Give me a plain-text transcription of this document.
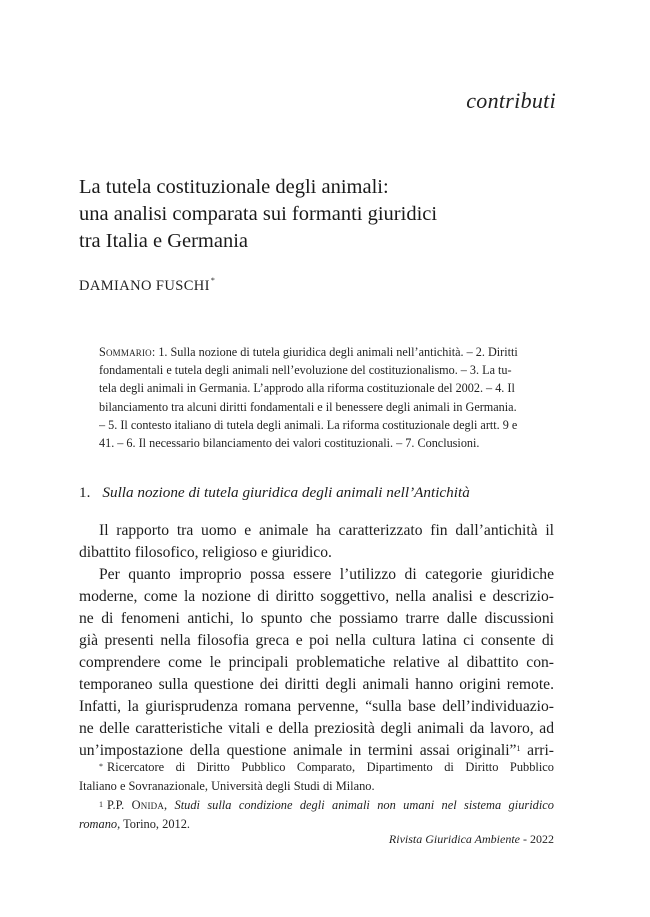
contributi
La tutela costituzionale degli animali:
una analisi comparata sui formanti giuridici
tra Italia e Germania
DAMIANO FUSCHI*
Sommario: 1. Sulla nozione di tutela giuridica degli animali nell’antichità. – 2. Diritti
fondamentali e tutela degli animali nell’evoluzione del costituzionalismo. – 3. La tu-
tela degli animali in Germania. L’approdo alla riforma costituzionale del 2002. – 4. Il
bilanciamento tra alcuni diritti fondamentali e il benessere degli animali in Germania.
– 5. Il contesto italiano di tutela degli animali. La riforma costituzionale degli artt. 9 e
41. – 6. Il necessario bilanciamento dei valori costituzionali. – 7. Conclusioni.
1. Sulla nozione di tutela giuridica degli animali nell’Antichità
Il rapporto tra uomo e animale ha caratterizzato fin dall’antichità il
dibattito filosofico, religioso e giuridico.
Per quanto improprio possa essere l’utilizzo di categorie giuridiche
moderne, come la nozione di diritto soggettivo, nella analisi e descrizio-
ne di fenomeni antichi, lo spunto che possiamo trarre dalle discussioni
già presenti nella filosofia greca e poi nella cultura latina ci consente di
comprendere come le principali problematiche relative al dibattito con-
temporaneo sulla questione dei diritti degli animali hanno origini remote.
Infatti, la giurisprudenza romana pervenne, “sulla base dell’individuazio-
ne delle caratteristiche vitali e della preziosità degli animali da lavoro, ad
un’impostazione della questione animale in termini assai originali”$^1$ arri-
* Ricercatore di Diritto Pubblico Comparato, Dipartimento di Diritto Pubblico
Italiano e Sovranazionale, Università degli Studi di Milano.
$^1$ P.P. Onida, Studi sulla condizione degli animali non umani nel sistema giuridico
romano, Torino, 2012.
Rivista Giuridica Ambiente - 2022
